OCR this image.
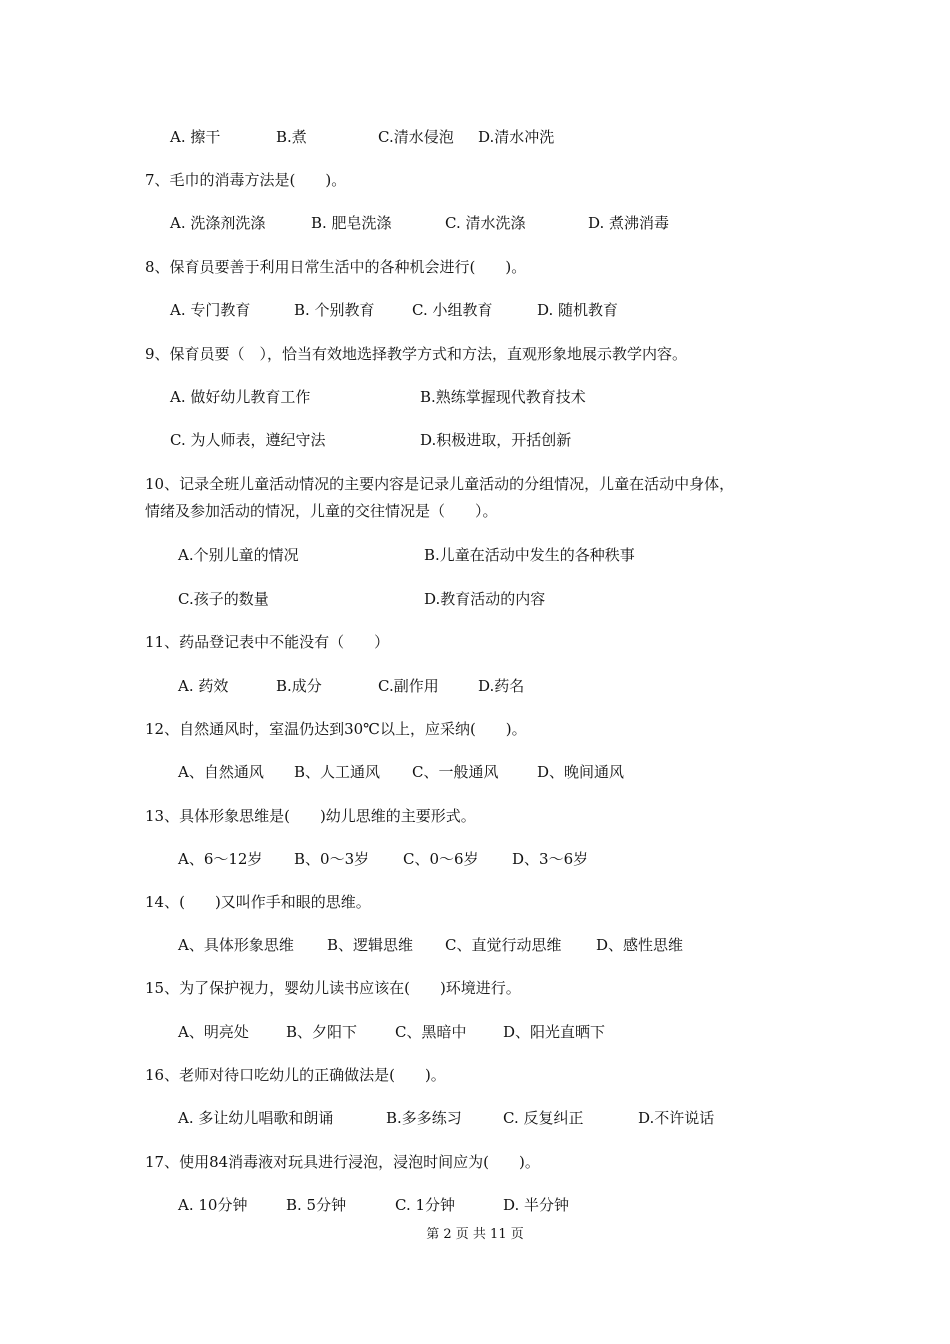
A. 擦干	B.煮	C.清水侵泡 D.清水冲洗
7、毛巾的消毒方法是(　　)。
A. 洗涤剂洗涤	B. 肥皂洗涤	C. 清水洗涤	D. 煮沸消毒
8、保育员要善于利用日常生活中的各种机会进行(　　)。
A. 专门教育	B. 个别教育 C. 小组教育	D. 随机教育
9、保育员要（　），恰当有效地选择教学方式和方法，直观形象地展示教学内容。
A. 做好幼儿教育工作	B.熟练掌握现代教育技术
C. 为人师表，遵纪守法	D.积极进取，开括创新
10、记录全班儿童活动情况的主要内容是记录儿童活动的分组情况，儿童在活动中身体，
情绪及参加活动的情况，儿童的交往情况是（　　）。
A.个别儿童的情况	B.儿童在活动中发生的各种秩事
C.孩子的数量	D.教育活动的内容
11、药品登记表中不能没有（　　）
A. 药效	B.成分	C.副作用	D.药名
12、自然通风时，室温仍达到30℃以上，应采纳(　　)。
A、自然通风 B、人工通风 C、一般通风	D、晚间通风
13、具体形象思维是(　　)幼儿思维的主要形式。
A、6～12岁 B、0～3岁 C、0～6岁 D、3～6岁
14、(　　)又叫作手和眼的思维。
A、具体形象思维 B、逻辑思维 C、直觉行动思维 D、感性思维
15、为了保护视力，婴幼儿读书应该在(　　)环境进行。
A、明亮处 B、夕阳下	C、黑暗中 D、阳光直晒下
16、老师对待口吃幼儿的正确做法是(　　)。
A. 多让幼儿唱歌和朗诵	B.多多练习	C. 反复纠正	D.不许说话
17、使用84消毒液对玩具进行浸泡，浸泡时间应为(　　)。
A. 10分钟	B. 5分钟	C. 1分钟	D. 半分钟
第 2 页 共 11 页
